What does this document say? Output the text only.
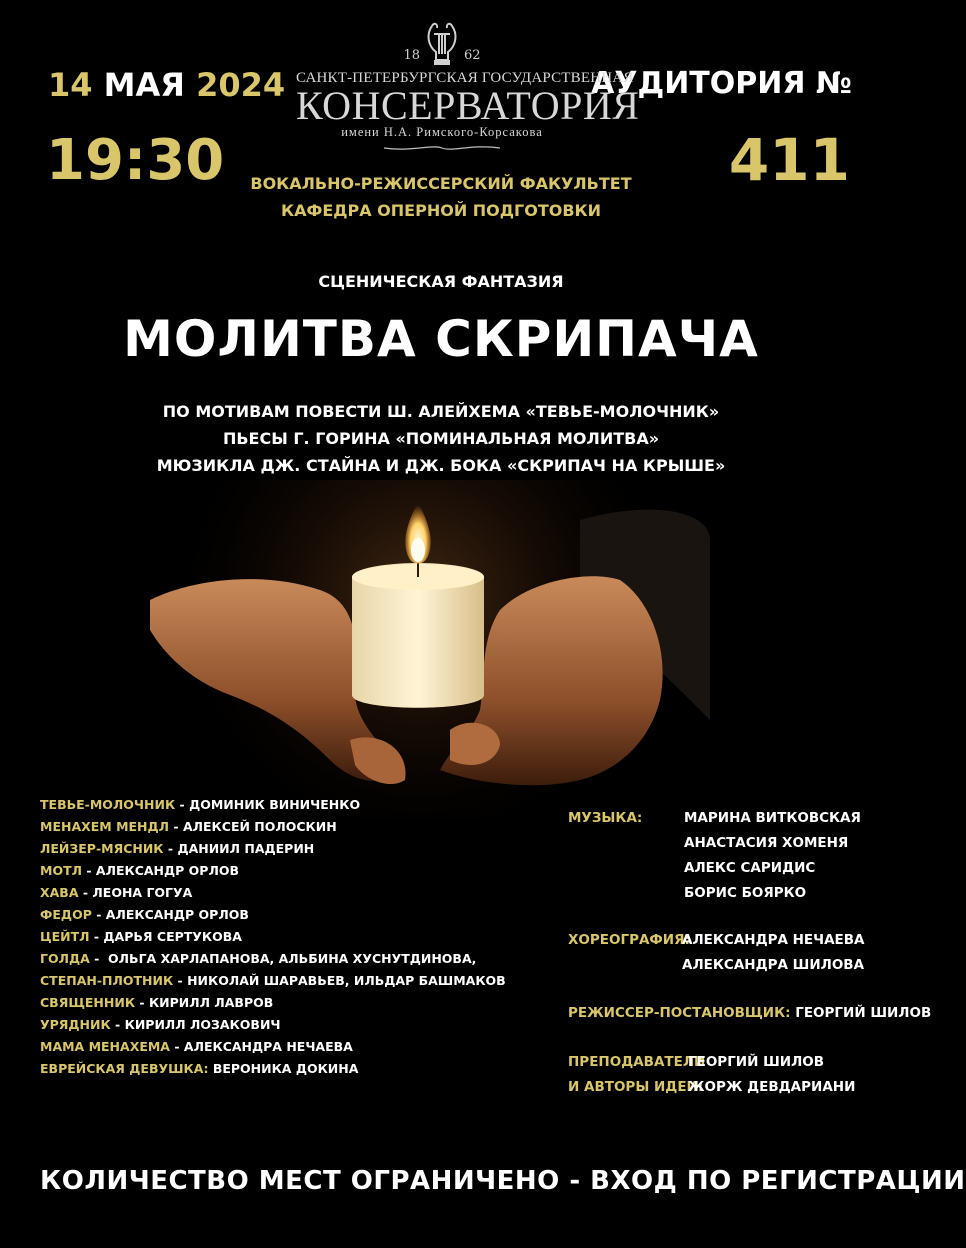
14 МАЯ 2024
19:30
АУДИТОРИЯ №
411
18	62
САНКТ-ПЕТЕРБУРГСКАЯ ГОСУДАРСТВЕННАЯ
КОНСЕРВАТОРИЯ
имени Н.А. Римского-Корсакова
ВОКАЛЬНО-РЕЖИССЕРСКИЙ ФАКУЛЬТЕТ
КАФЕДРА ОПЕРНОЙ ПОДГОТОВКИ
СЦЕНИЧЕСКАЯ ФАНТАЗИЯ
МОЛИТВА СКРИПАЧА
ПО МОТИВАМ ПОВЕСТИ Ш. АЛЕЙХЕМА «ТЕВЬЕ-МОЛОЧНИК»
ПЬЕСЫ Г. ГОРИНА «ПОМИНАЛЬНАЯ МОЛИТВА»
МЮЗИКЛА ДЖ. СТАЙНА И ДЖ. БОКА «СКРИПАЧ НА КРЫШЕ»
ТЕВЬЕ-МОЛОЧНИК - ДОМИНИК ВИНИЧЕНКО
МЕНАХЕМ МЕНДЛ - АЛЕКСЕЙ ПОЛОСКИН
ЛЕЙЗЕР-МЯСНИК - ДАНИИЛ ПАДЕРИН
МОТЛ - АЛЕКСАНДР ОРЛОВ
ХАВА - ЛЕОНА ГОГУА
ФЕДОР - АЛЕКСАНДР ОРЛОВ
ЦЕЙТЛ - ДАРЬЯ СЕРТУКОВА
ГОЛДА -  ОЛЬГА ХАРЛАПАНОВА, АЛЬБИНА ХУСНУТДИНОВА,
СТЕПАН-ПЛОТНИК - НИКОЛАЙ ШАРАВЬЕВ, ИЛЬДАР БАШМАКОВ
СВЯЩЕННИК - КИРИЛЛ ЛАВРОВ
УРЯДНИК - КИРИЛЛ ЛОЗАКОВИЧ
МАМА МЕНАХЕМА - АЛЕКСАНДРА НЕЧАЕВА
ЕВРЕЙСКАЯ ДЕВУШКА: ВЕРОНИКА ДОКИНА
МУЗЫКА:	МАРИНА ВИТКОВСКАЯ
АНАСТАСИЯ ХОМЕНЯ
АЛЕКС САРИДИС
БОРИС БОЯРКО
ХОРЕОГРАФИЯ:
АЛЕКСАНДРА НЕЧАЕВА
АЛЕКСАНДРА ШИЛОВА
РЕЖИССЕР-ПОСТАНОВЩИК: ГЕОРГИЙ ШИЛОВ
ПРЕПОДАВАТЕЛИ
И АВТОРЫ ИДЕИ:
ГЕОРГИЙ ШИЛОВ
ЖОРЖ ДЕВДАРИАНИ
КОЛИЧЕСТВО МЕСТ ОГРАНИЧЕНО - ВХОД ПО РЕГИСТРАЦИИ
